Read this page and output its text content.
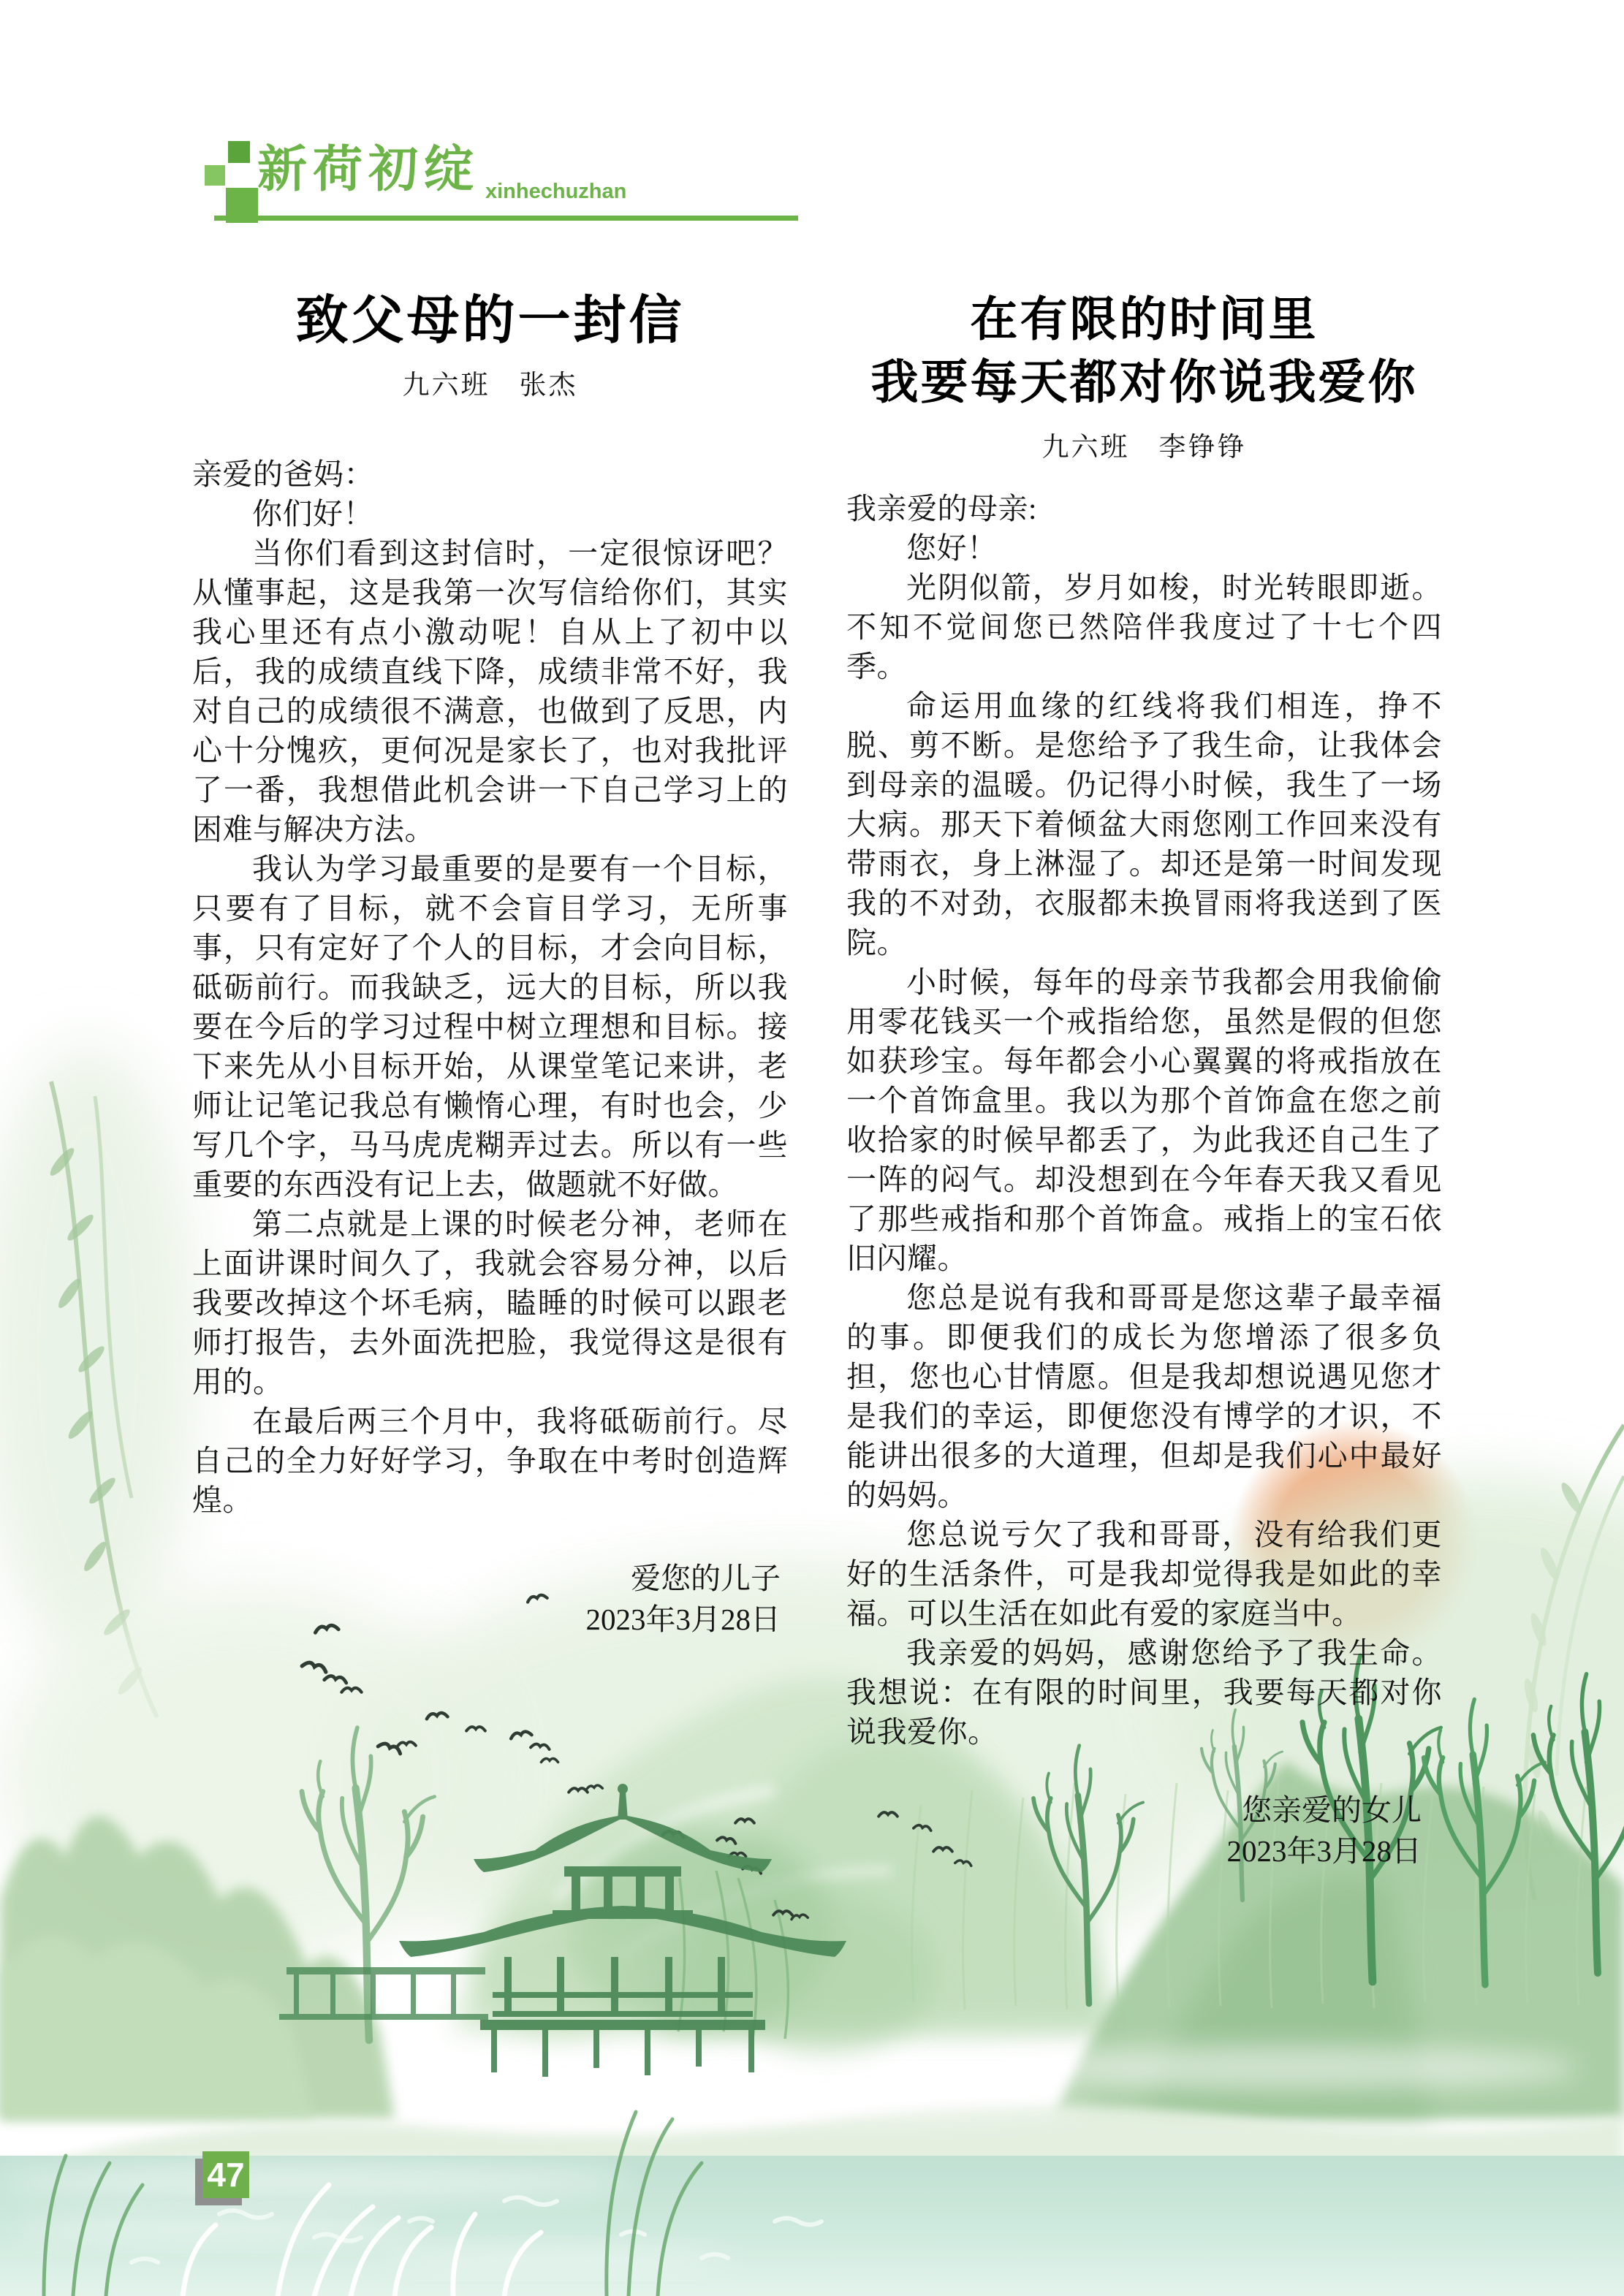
新荷初绽 xinhechuzhan
致父母的一封信
九六班　张杰
亲爱的爸妈：

你们好！

当你们看到这封信时，一定很惊讶吧？从懂事起，这是我第一次写信给你们，其实我心里还有点小激动呢！自从上了初中以后，我的成绩直线下降，成绩非常不好，我对自己的成绩很不满意，也做到了反思，内心十分愧疚，更何况是家长了，也对我批评了一番，我想借此机会讲一下自己学习上的困难与解决方法。

我认为学习最重要的是要有一个目标，只要有了目标，就不会盲目学习，无所事事，只有定好了个人的目标，才会向目标，砥砺前行。而我缺乏，远大的目标，所以我要在今后的学习过程中树立理想和目标。接下来先从小目标开始，从课堂笔记来讲，老师让记笔记我总有懒惰心理，有时也会，少写几个字，马马虎虎糊弄过去。所以有一些重要的东西没有记上去，做题就不好做。

第二点就是上课的时候老分神，老师在上面讲课时间久了，我就会容易分神，以后我要改掉这个坏毛病，瞌睡的时候可以跟老师打报告，去外面洗把脸，我觉得这是很有用的。

在最后两三个月中，我将砥砺前行。尽自己的全力好好学习，争取在中考时创造辉煌。

爱您的儿子
2023年3月28日
在有限的时间里
我要每天都对你说我爱你
九六班　李铮铮
我亲爱的母亲:

您好！

光阴似箭，岁月如梭，时光转眼即逝。不知不觉间您已然陪伴我度过了十七个四季。

命运用血缘的红线将我们相连，挣不脱、剪不断。是您给予了我生命，让我体会到母亲的温暖。仍记得小时候，我生了一场大病。那天下着倾盆大雨您刚工作回来没有带雨衣，身上淋湿了。却还是第一时间发现我的不对劲，衣服都未换冒雨将我送到了医院。

小时候，每年的母亲节我都会用我偷偷用零花钱买一个戒指给您，虽然是假的但您如获珍宝。每年都会小心翼翼的将戒指放在一个首饰盒里。我以为那个首饰盒在您之前收拾家的时候早都丢了，为此我还自己生了一阵的闷气。却没想到在今年春天我又看见了那些戒指和那个首饰盒。戒指上的宝石依旧闪耀。

您总是说有我和哥哥是您这辈子最幸福的事。即便我们的成长为您增添了很多负担，您也心甘情愿。但是我却想说遇见您才是我们的幸运，即便您没有博学的才识，不能讲出很多的大道理，但却是我们心中最好的妈妈。

您总说亏欠了我和哥哥，没有给我们更好的生活条件，可是我却觉得我是如此的幸福。可以生活在如此有爱的家庭当中。

我亲爱的妈妈，感谢您给予了我生命。我想说：在有限的时间里，我要每天都对你说我爱你。

您亲爱的女儿
2023年3月28日
47
